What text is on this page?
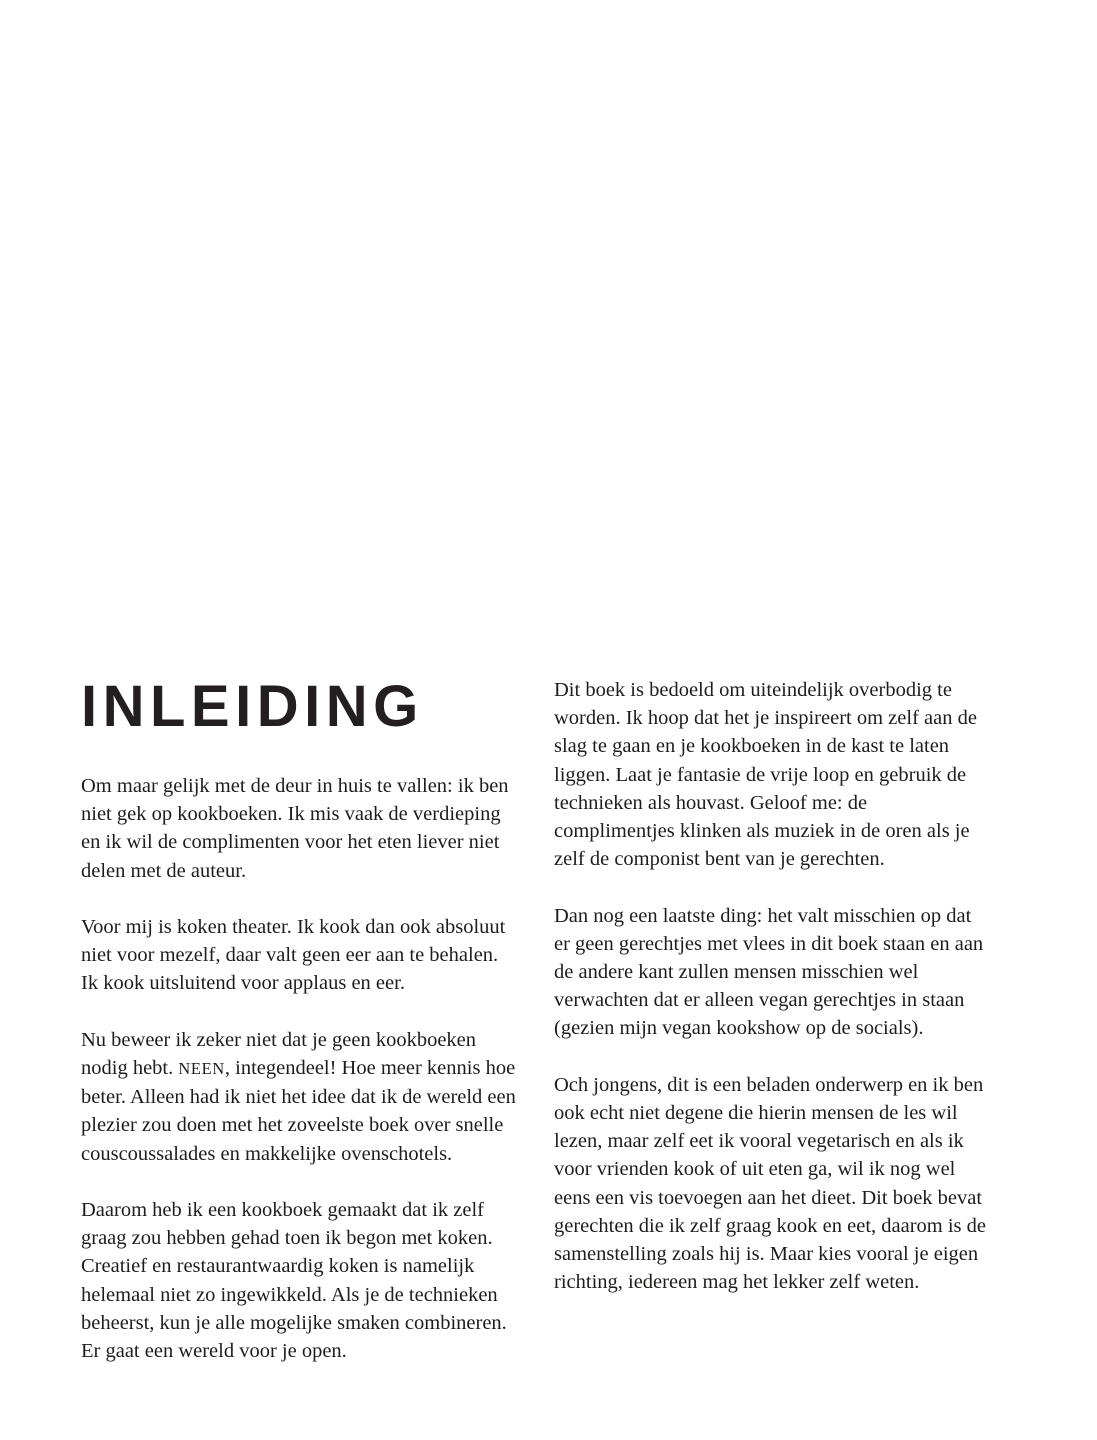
INLEIDING

Om maar gelijk met de deur in huis te vallen: ik ben niet gek op kookboeken. Ik mis vaak de verdieping en ik wil de complimenten voor het eten liever niet delen met de auteur.

Voor mij is koken theater. Ik kook dan ook absoluut niet voor mezelf, daar valt geen eer aan te behalen. Ik kook uitsluitend voor applaus en eer.

Nu beweer ik zeker niet dat je geen kookboeken nodig hebt. NEEN, integendeel! Hoe meer kennis hoe beter. Alleen had ik niet het idee dat ik de wereld een plezier zou doen met het zoveelste boek over snelle couscoussalades en makkelijke ovenschotels.

Daarom heb ik een kookboek gemaakt dat ik zelf graag zou hebben gehad toen ik begon met koken. Creatief en restaurantwaardig koken is namelijk helemaal niet zo ingewikkeld. Als je de technieken beheerst, kun je alle mogelijke smaken combineren. Er gaat een wereld voor je open.

Dit boek is bedoeld om uiteindelijk overbodig te worden. Ik hoop dat het je inspireert om zelf aan de slag te gaan en je kookboeken in de kast te laten liggen. Laat je fantasie de vrije loop en gebruik de technieken als houvast. Geloof me: de complimentjes klinken als muziek in de oren als je zelf de componist bent van je gerechten.

Dan nog een laatste ding: het valt misschien op dat er geen gerechtjes met vlees in dit boek staan en aan de andere kant zullen mensen misschien wel verwachten dat er alleen vegan gerechtjes in staan (gezien mijn vegan kookshow op de socials).

Och jongens, dit is een beladen onderwerp en ik ben ook echt niet degene die hierin mensen de les wil lezen, maar zelf eet ik vooral vegetarisch en als ik voor vrienden kook of uit eten ga, wil ik nog wel eens een vis toevoegen aan het dieet. Dit boek bevat gerechten die ik zelf graag kook en eet, daarom is de samenstelling zoals hij is. Maar kies vooral je eigen richting, iedereen mag het lekker zelf weten.
